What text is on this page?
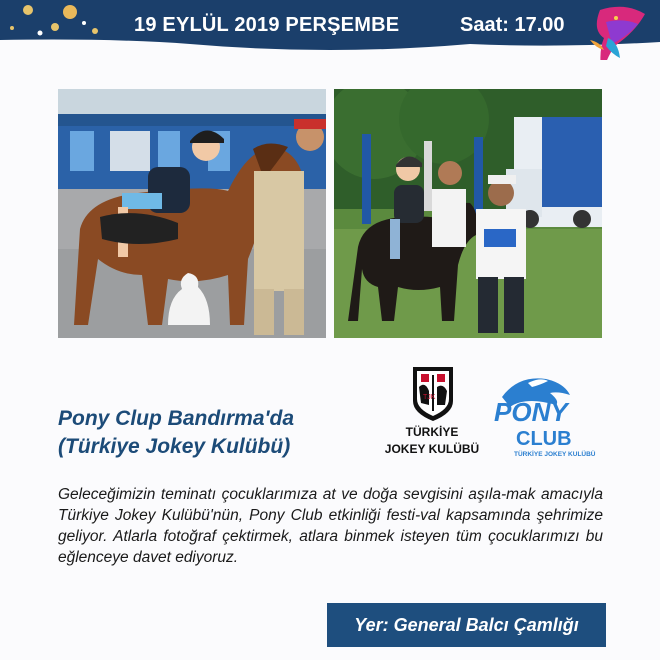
19 EYLÜL 2019 PERŞEMBE	Saat: 17.00
Pony Clup Bandırma'da
(Türkiye Jokey Kulübü)
TJK
TÜRKİYE
JOKEY KULÜBÜ
PONY
CLUB
TÜRKİYE JOKEY KULÜBÜ
Geleceğimizin teminatı çocuklarımıza at ve doğa sevgisini aşıla-mak amacıyla Türkiye Jokey Kulübü'nün, Pony Club etkinliği festi-val kapsamında şehrimize geliyor. Atlarla fotoğraf çektirmek, atlara binmek isteyen tüm çocuklarımızı bu eğlenceye davet ediyoruz.
Yer: General Balcı Çamlığı
